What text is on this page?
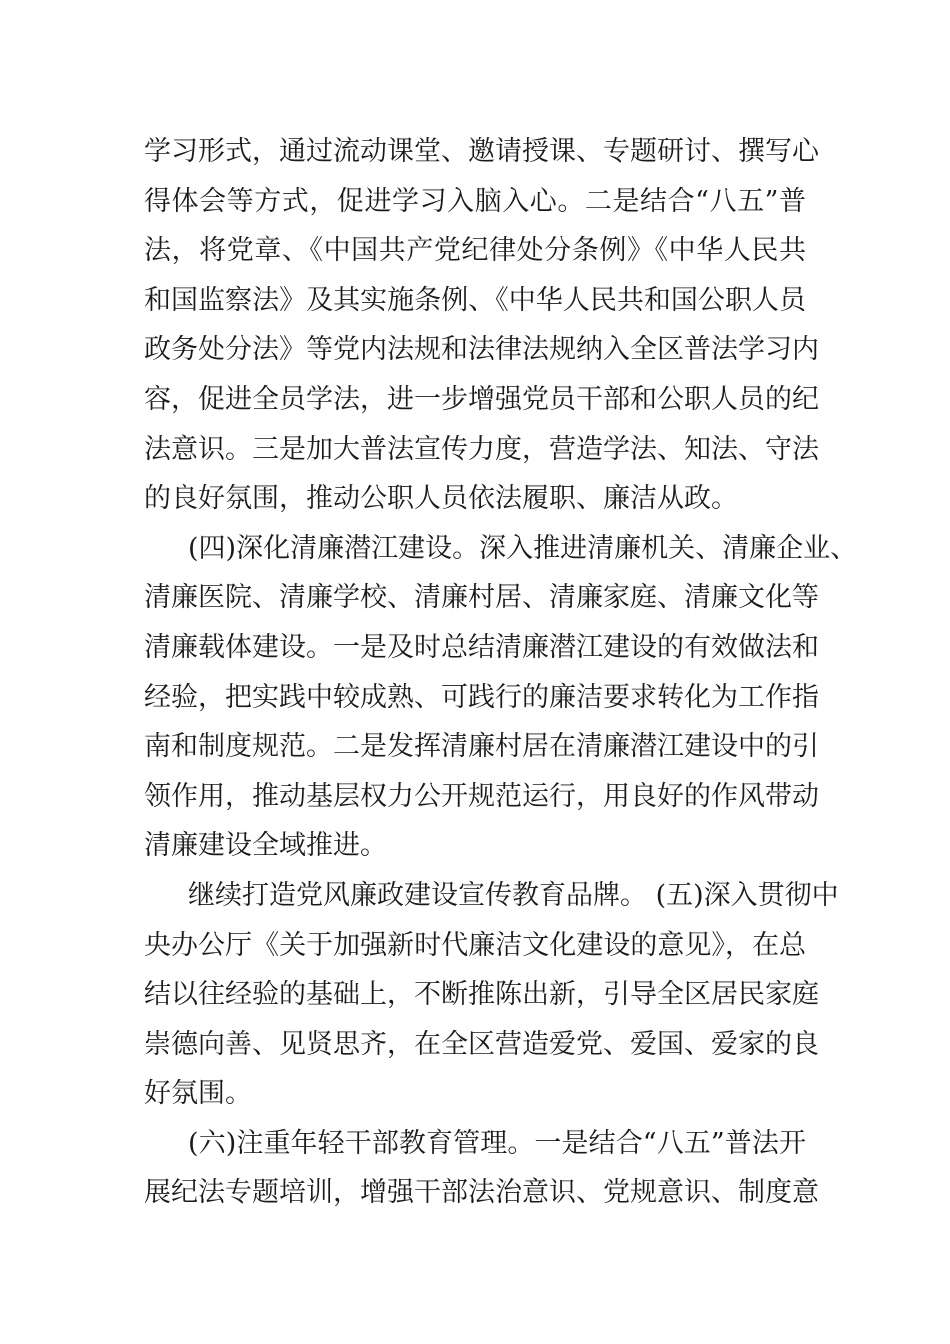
学习形式，通过流动课堂、邀请授课、专题研讨、撰写心
得体会等方式，促进学习入脑入心。二是结合“八五”普
法，将党章、《中国共产党纪律处分条例》《中华人民共
和国监察法》及其实施条例、《中华人民共和国公职人员
政务处分法》等党内法规和法律法规纳入全区普法学习内
容，促进全员学法，进一步增强党员干部和公职人员的纪
法意识。三是加大普法宣传力度，营造学法、知法、守法
的良好氛围，推动公职人员依法履职、廉洁从政。
(四)深化清廉潜江建设。深入推进清廉机关、清廉企业、
清廉医院、清廉学校、清廉村居、清廉家庭、清廉文化等
清廉载体建设。一是及时总结清廉潜江建设的有效做法和
经验，把实践中较成熟、可践行的廉洁要求转化为工作指
南和制度规范。二是发挥清廉村居在清廉潜江建设中的引
领作用，推动基层权力公开规范运行，用良好的作风带动
清廉建设全域推进。
继续打造党风廉政建设宣传教育品牌。 (五)深入贯彻中
央办公厅《关于加强新时代廉洁文化建设的意见》，在总
结以往经验的基础上，不断推陈出新，引导全区居民家庭
崇德向善、见贤思齐，在全区营造爱党、爱国、爱家的良
好氛围。
(六)注重年轻干部教育管理。一是结合“八五”普法开
展纪法专题培训，增强干部法治意识、党规意识、制度意
